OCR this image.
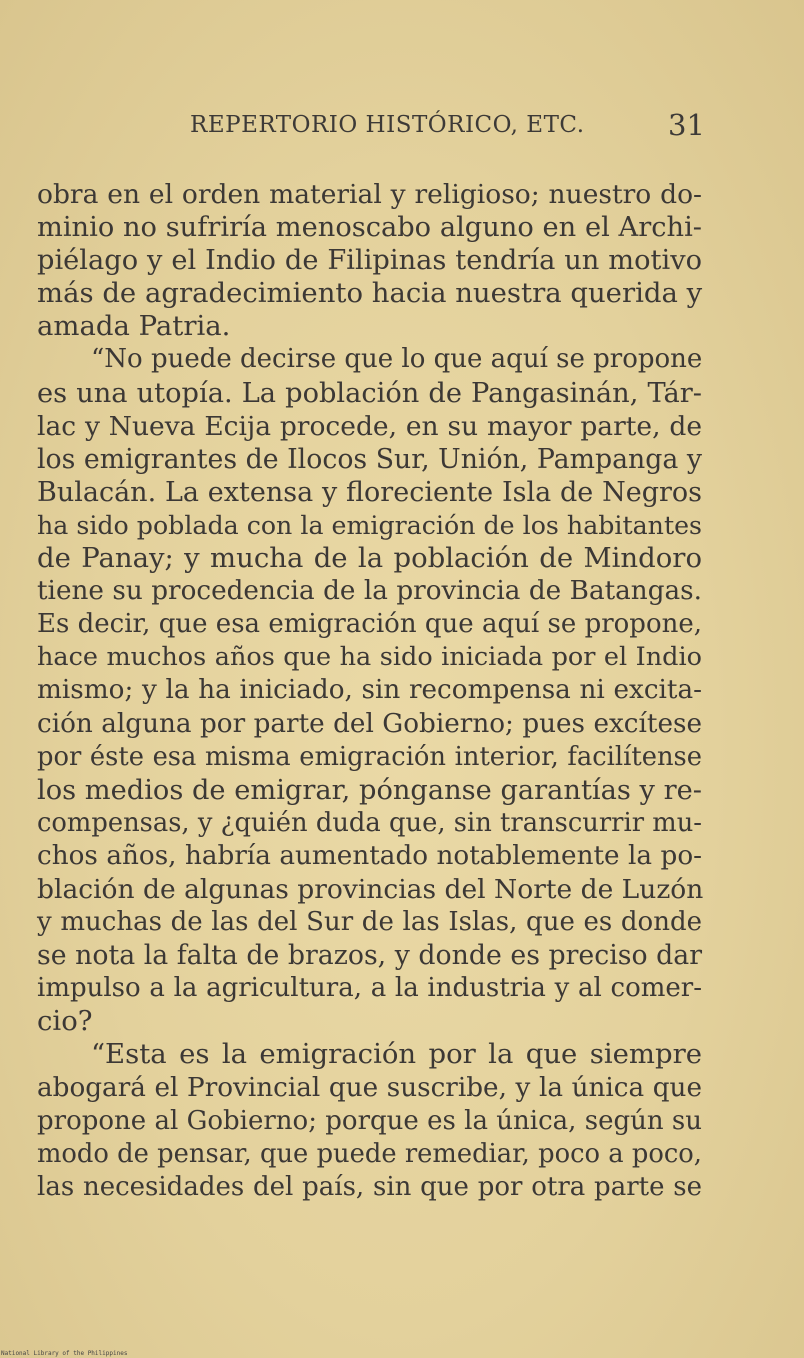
REPERTORIO HISTÓRICO, ETC.	31
obra en el orden material y religioso; nuestro do-
minio no sufriría menoscabo alguno en el Archi-
piélago y el Indio de Filipinas tendría un motivo
más de agradecimiento hacia nuestra querida y
amada Patria.
“No puede decirse que lo que aquí se propone
es una utopía. La población de Pangasinán, Tár-
lac y Nueva Ecija procede, en su mayor parte, de
los emigrantes de Ilocos Sur, Unión, Pampanga y
Bulacán. La extensa y floreciente Isla de Negros
ha sido poblada con la emigración de los habitantes
de Panay; y mucha de la población de Mindoro
tiene su procedencia de la provincia de Batangas.
Es decir, que esa emigración que aquí se propone,
hace muchos años que ha sido iniciada por el Indio
mismo; y la ha iniciado, sin recompensa ni excita-
ción alguna por parte del Gobierno; pues excítese
por éste esa misma emigración interior, facilítense
los medios de emigrar, pónganse garantías y re-
compensas, y ¿quién duda que, sin transcurrir mu-
chos años, habría aumentado notablemente la po-
blación de algunas provincias del Norte de Luzón
y muchas de las del Sur de las Islas, que es donde
se nota la falta de brazos, y donde es preciso dar
impulso a la agricultura, a la industria y al comer-
cio?
“Esta es la emigración por la que siempre
abogará el Provincial que suscribe, y la única que
propone al Gobierno; porque es la única, según su
modo de pensar, que puede remediar, poco a poco,
las necesidades del país, sin que por otra parte se
National Library of the Philippines
